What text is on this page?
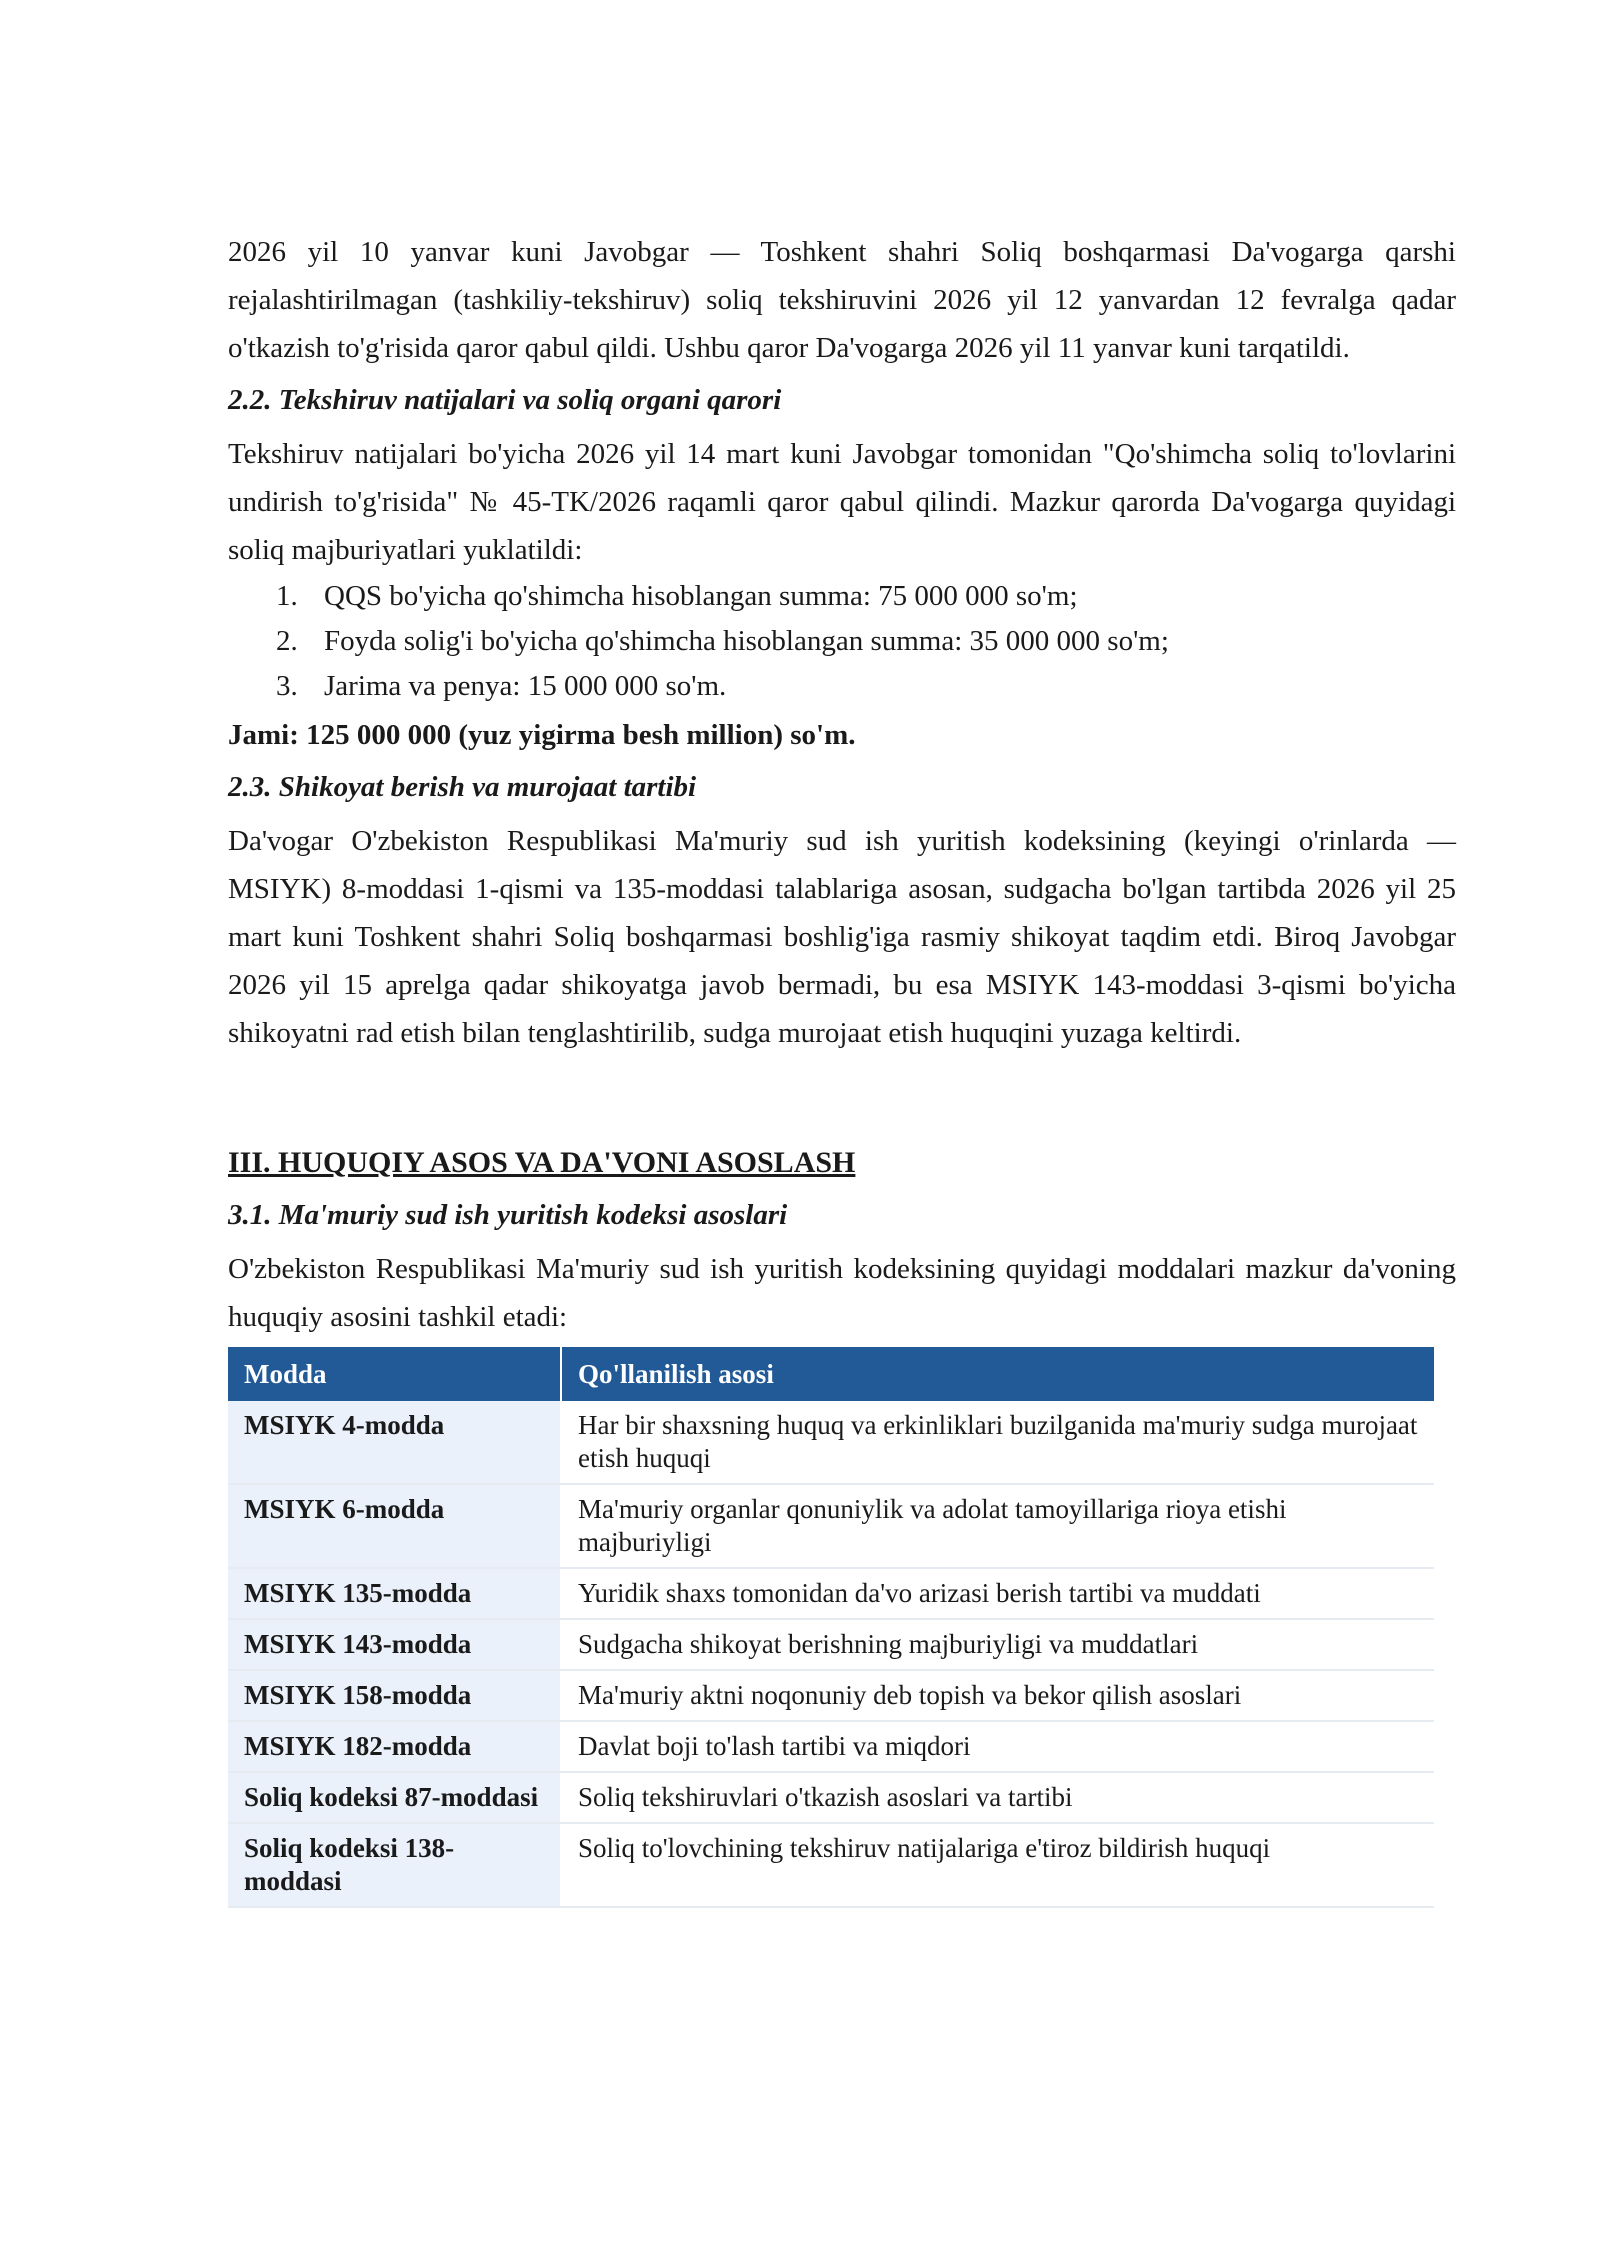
2026 yil 10 yanvar kuni Javobgar — Toshkent shahri Soliq boshqarmasi Da'vogarga qarshi rejalashtirilmagan (tashkiliy-tekshiruv) soliq tekshiruvini 2026 yil 12 yanvardan 12 fevralga qadar o'tkazish to'g'risida qaror qabul qildi. Ushbu qaror Da'vogarga 2026 yil 11 yanvar kuni tarqatildi.

2.2. Tekshiruv natijalari va soliq organi qarori

Tekshiruv natijalari bo'yicha 2026 yil 14 mart kuni Javobgar tomonidan "Qo'shimcha soliq to'lovlarini undirish to'g'risida" № 45-TK/2026 raqamli qaror qabul qilindi. Mazkur qarorda Da'vogarga quyidagi soliq majburiyatlari yuklatildi:

1. QQS bo'yicha qo'shimcha hisoblangan summa: 75 000 000 so'm;
2. Foyda solig'i bo'yicha qo'shimcha hisoblangan summa: 35 000 000 so'm;
3. Jarima va penya: 15 000 000 so'm.
Jami: 125 000 000 (yuz yigirma besh million) so'm.
2.3. Shikoyat berish va murojaat tartibi

Da'vogar O'zbekiston Respublikasi Ma'muriy sud ish yuritish kodeksining (keyingi o'rinlarda — MSIYK) 8-moddasi 1-qismi va 135-moddasi talablariga asosan, sudgacha bo'lgan tartibda 2026 yil 25 mart kuni Toshkent shahri Soliq boshqarmasi boshlig'iga rasmiy shikoyat taqdim etdi. Biroq Javobgar 2026 yil 15 aprelga qadar shikoyatga javob bermadi, bu esa MSIYK 143-moddasi 3-qismi bo'yicha shikoyatni rad etish bilan tenglashtirilib, sudga murojaat etish huquqini yuzaga keltirdi.

III. HUQUQIY ASOS VA DA'VONI ASOSLASH
3.1. Ma'muriy sud ish yuritish kodeksi asoslari

O'zbekiston Respublikasi Ma'muriy sud ish yuritish kodeksining quyidagi moddalari mazkur da'voning huquqiy asosini tashkil etadi:

Modda	Qo'llanilish asosi
MSIYK 4-modda	Har bir shaxsning huquq va erkinliklari buzilganida ma'muriy sudga murojaat etish huquqi
MSIYK 6-modda	Ma'muriy organlar qonuniylik va adolat tamoyillariga rioya etishi majburiyligi
MSIYK 135-modda	Yuridik shaxs tomonidan da'vo arizasi berish tartibi va muddati
MSIYK 143-modda	Sudgacha shikoyat berishning majburiyligi va muddatlari
MSIYK 158-modda	Ma'muriy aktni noqonuniy deb topish va bekor qilish asoslari
MSIYK 182-modda	Davlat boji to'lash tartibi va miqdori
Soliq kodeksi 87-moddasi	Soliq tekshiruvlari o'tkazish asoslari va tartibi
Soliq kodeksi 138-moddasi	Soliq to'lovchining tekshiruv natijalariga e'tiroz bildirish huquqi
